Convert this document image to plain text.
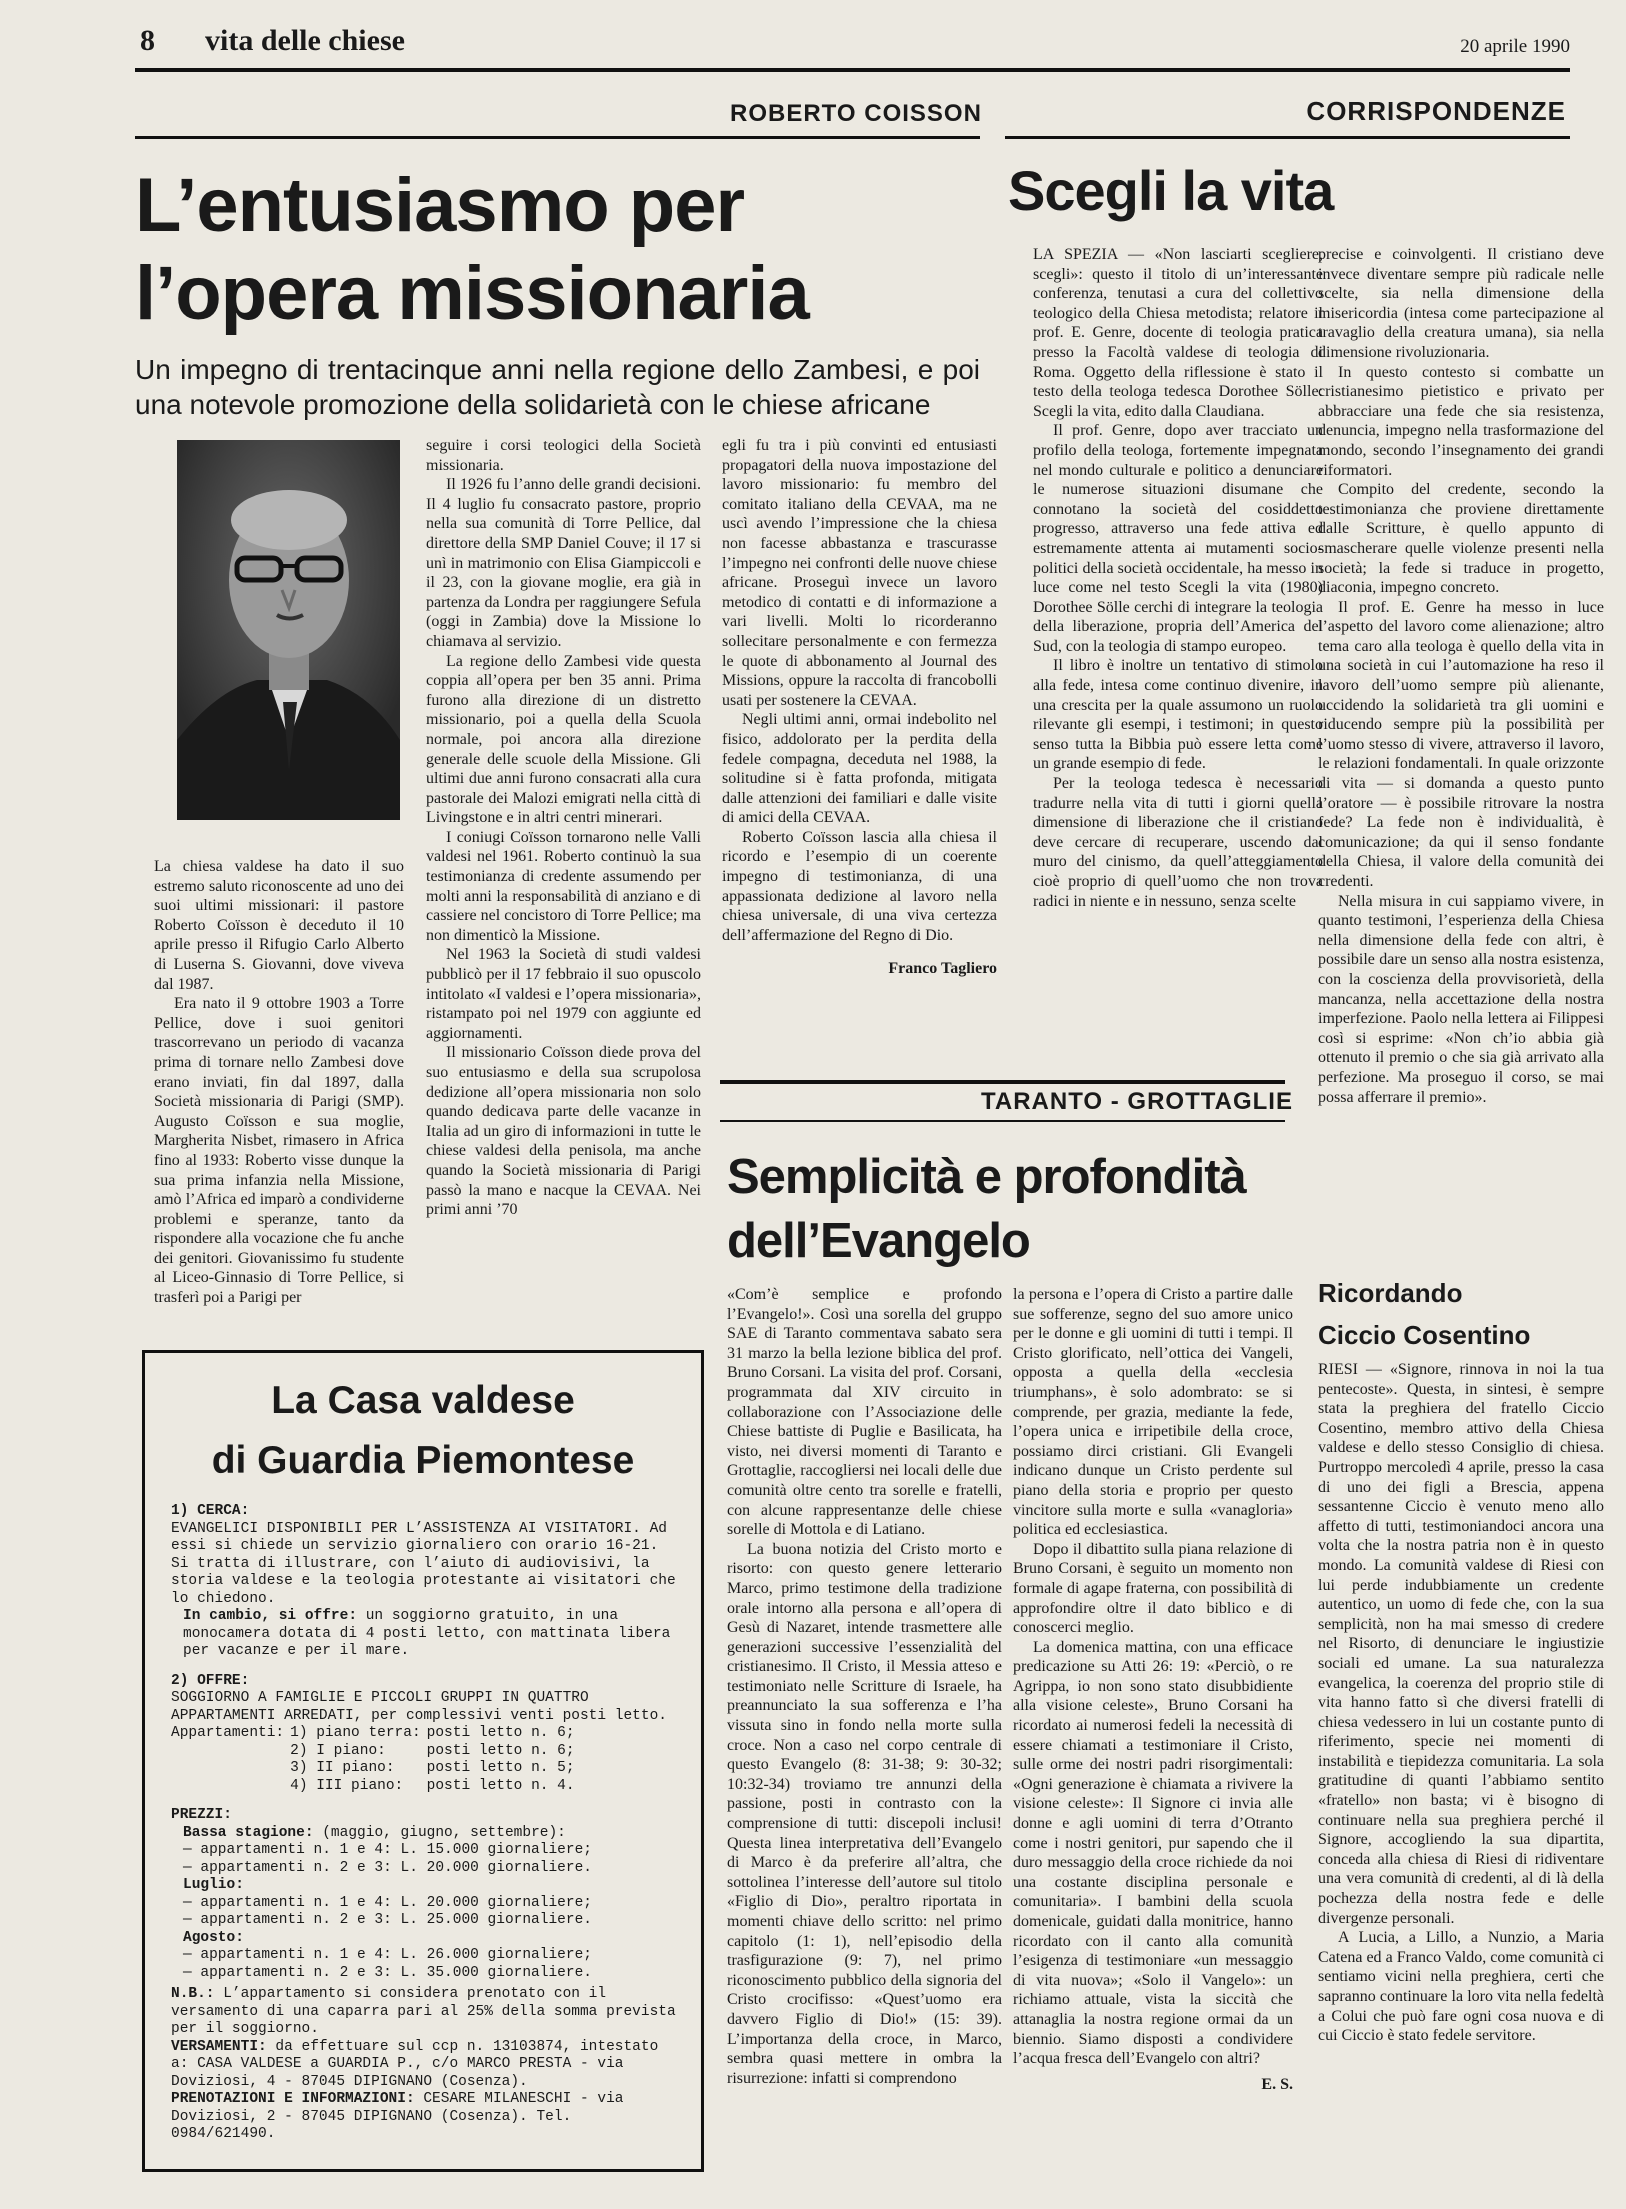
8 vita delle chiese	20 aprile 1990
ROBERTO COISSON	CORRISPONDENZE
L’entusiasmo per
l’opera missionaria
Un impegno di trentacinque anni nella regione dello Zambesi, e poi una notevole promozione della solidarietà con le chiese africane

La chiesa valdese ha dato il suo estremo saluto riconoscente ad uno dei suoi ultimi missionari: il pastore Roberto Coïsson è deceduto il 10 aprile presso il Rifugio Carlo Alberto di Luserna S. Giovanni, dove viveva dal 1987.

Era nato il 9 ottobre 1903 a Torre Pellice, dove i suoi genitori trascorrevano un periodo di vacanza prima di tornare nello Zambesi dove erano inviati, fin dal 1897, dalla Società missionaria di Parigi (SMP). Augusto Coïsson e sua moglie, Margherita Nisbet, rimasero in Africa fino al 1933: Roberto visse dunque la sua prima infanzia nella Missione, amò l’Africa ed imparò a condividerne problemi e speranze, tanto da rispondere alla vocazione che fu anche dei genitori. Giovanissimo fu studente al Liceo-Ginnasio di Torre Pellice, si trasferì poi a Parigi per

seguire i corsi teologici della Società missionaria.

Il 1926 fu l’anno delle grandi decisioni. Il 4 luglio fu consacrato pastore, proprio nella sua comunità di Torre Pellice, dal direttore della SMP Daniel Couve; il 17 si unì in matrimonio con Elisa Giampiccoli e il 23, con la giovane moglie, era già in partenza da Londra per raggiungere Sefula (oggi in Zambia) dove la Missione lo chiamava al servizio.

La regione dello Zambesi vide questa coppia all’opera per ben 35 anni. Prima furono alla direzione di un distretto missionario, poi a quella della Scuola normale, poi ancora alla direzione generale delle scuole della Missione. Gli ultimi due anni furono consacrati alla cura pastorale dei Malozi emigrati nella città di Livingstone e in altri centri minerari.

I coniugi Coïsson tornarono nelle Valli valdesi nel 1961. Roberto continuò la sua testimonianza di credente assumendo per molti anni la responsabilità di anziano e di cassiere nel concistoro di Torre Pellice; ma non dimenticò la Missione.

Nel 1963 la Società di studi valdesi pubblicò per il 17 febbraio il suo opuscolo intitolato «I valdesi e l’opera missionaria», ristampato poi nel 1979 con aggiunte ed aggiornamenti.

Il missionario Coïsson diede prova del suo entusiasmo e della sua scrupolosa dedizione all’opera missionaria non solo quando dedicava parte delle vacanze in Italia ad un giro di informazioni in tutte le chiese valdesi della penisola, ma anche quando la Società missionaria di Parigi passò la mano e nacque la CEVAA. Nei primi anni ’70

egli fu tra i più convinti ed entusiasti propagatori della nuova impostazione del lavoro missionario: fu membro del comitato italiano della CEVAA, ma ne uscì avendo l’impressione che la chiesa non facesse abbastanza e trascurasse l’impegno nei confronti delle nuove chiese africane. Proseguì invece un lavoro metodico di contatti e di informazione a vari livelli. Molti lo ricorderanno sollecitare personalmente e con fermezza le quote di abbonamento al Journal des Missions, oppure la raccolta di francobolli usati per sostenere la CEVAA.

Negli ultimi anni, ormai indebolito nel fisico, addolorato per la perdita della fedele compagna, deceduta nel 1988, la solitudine si è fatta profonda, mitigata dalle attenzioni dei familiari e dalle visite di amici della CEVAA.

Roberto Coïsson lascia alla chiesa il ricordo e l’esempio di un coerente impegno di testimonianza, di una appassionata dedizione al lavoro nella chiesa universale, di una viva certezza dell’affermazione del Regno di Dio.

Franco Tagliero

Scegli la vita

LA SPEZIA — «Non lasciarti scegliere, scegli»: questo il titolo di un’interessante conferenza, tenutasi a cura del collettivo teologico della Chiesa metodista; relatore il prof. E. Genre, docente di teologia pratica presso la Facoltà valdese di teologia di Roma. Oggetto della riflessione è stato il testo della teologa tedesca Dorothee Sölle: Scegli la vita, edito dalla Claudiana.

Il prof. Genre, dopo aver tracciato un profilo della teologa, fortemente impegnata nel mondo culturale e politico a denunciare le numerose situazioni disumane che connotano la società del cosiddetto progresso, attraverso una fede attiva ed estremamente attenta ai mutamenti socio-politici della società occidentale, ha messo in luce come nel testo Scegli la vita (1980) Dorothee Sölle cerchi di integrare la teologia della liberazione, propria dell’America del Sud, con la teologia di stampo europeo.

Il libro è inoltre un tentativo di stimolo alla fede, intesa come continuo divenire, in una crescita per la quale assumono un ruolo rilevante gli esempi, i testimoni; in questo senso tutta la Bibbia può essere letta come un grande esempio di fede.

Per la teologa tedesca è necessario tradurre nella vita di tutti i giorni quella dimensione di liberazione che il cristiano deve cercare di recuperare, uscendo dal muro del cinismo, da quell’atteggiamento cioè proprio di quell’uomo che non trova radici in niente e in nessuno, senza scelte

precise e coinvolgenti. Il cristiano deve invece diventare sempre più radicale nelle scelte, sia nella dimensione della misericordia (intesa come partecipazione al travaglio della creatura umana), sia nella dimensione rivoluzionaria.

In questo contesto si combatte un cristianesimo pietistico e privato per abbracciare una fede che sia resistenza, denuncia, impegno nella trasformazione del mondo, secondo l’insegnamento dei grandi riformatori.

Compito del credente, secondo la testimonianza che proviene direttamente dalle Scritture, è quello appunto di smascherare quelle violenze presenti nella società; la fede si traduce in progetto, diaconia, impegno concreto.

Il prof. E. Genre ha messo in luce l’aspetto del lavoro come alienazione; altro tema caro alla teologa è quello della vita in una società in cui l’automazione ha reso il lavoro dell’uomo sempre più alienante, uccidendo la solidarietà tra gli uomini e riducendo sempre più la possibilità per l’uomo stesso di vivere, attraverso il lavoro, le relazioni fondamentali. In quale orizzonte di vita — si domanda a questo punto l’oratore — è possibile ritrovare la nostra fede? La fede non è individualità, è comunicazione; da qui il senso fondante della Chiesa, il valore della comunità dei credenti.

Nella misura in cui sappiamo vivere, in quanto testimoni, l’esperienza della Chiesa nella dimensione della fede con altri, è possibile dare un senso alla nostra esistenza, con la coscienza della provvisorietà, della mancanza, nella accettazione della nostra imperfezione. Paolo nella lettera ai Filippesi così si esprime: «Non ch’io abbia già ottenuto il premio o che sia già arrivato alla perfezione. Ma proseguo il corso, se mai possa afferrare il premio».

TARANTO - GROTTAGLIE
Semplicità e profondità
dell’Evangelo

«Com’è semplice e profondo l’Evangelo!». Così una sorella del gruppo SAE di Taranto commentava sabato sera 31 marzo la bella lezione biblica del prof. Bruno Corsani. La visita del prof. Corsani, programmata dal XIV circuito in collaborazione con l’Associazione delle Chiese battiste di Puglie e Basilicata, ha visto, nei diversi momenti di Taranto e Grottaglie, raccogliersi nei locali delle due comunità oltre cento tra sorelle e fratelli, con alcune rappresentanze delle chiese sorelle di Mottola e di Latiano.

La buona notizia del Cristo morto e risorto: con questo genere letterario Marco, primo testimone della tradizione orale intorno alla persona e all’opera di Gesù di Nazaret, intende trasmettere alle generazioni successive l’essenzialità del cristianesimo. Il Cristo, il Messia atteso e testimoniato nelle Scritture di Israele, ha preannunciato la sua sofferenza e l’ha vissuta sino in fondo nella morte sulla croce. Non a caso nel corpo centrale di questo Evangelo (8: 31-38; 9: 30-32; 10:32-34) troviamo tre annunzi della passione, posti in contrasto con la comprensione di tutti: discepoli inclusi! Questa linea interpretativa dell’Evangelo di Marco è da preferire all’altra, che sottolinea l’interesse dell’autore sul titolo «Figlio di Dio», peraltro riportata in momenti chiave dello scritto: nel primo capitolo (1: 1), nell’episodio della trasfigurazione (9: 7), nel primo riconoscimento pubblico della signoria del Cristo crocifisso: «Quest’uomo era davvero Figlio di Dio!» (15: 39). L’importanza della croce, in Marco, sembra quasi mettere in ombra la risurrezione: infatti si comprendono

la persona e l’opera di Cristo a partire dalle sue sofferenze, segno del suo amore unico per le donne e gli uomini di tutti i tempi. Il Cristo glorificato, nell’ottica dei Vangeli, opposta a quella della «ecclesia triumphans», è solo adombrato: se si comprende, per grazia, mediante la fede, l’opera unica e irripetibile della croce, possiamo dirci cristiani. Gli Evangeli indicano dunque un Cristo perdente sul piano della storia e proprio per questo vincitore sulla morte e sulla «vanagloria» politica ed ecclesiastica.

Dopo il dibattito sulla piana relazione di Bruno Corsani, è seguito un momento non formale di agape fraterna, con possibilità di approfondire oltre il dato biblico e di conoscerci meglio.

La domenica mattina, con una efficace predicazione su Atti 26: 19: «Perciò, o re Agrippa, io non sono stato disubbidiente alla visione celeste», Bruno Corsani ha ricordato ai numerosi fedeli la necessità di essere chiamati a testimoniare il Cristo, sulle orme dei nostri padri risorgimentali: «Ogni generazione è chiamata a rivivere la visione celeste»: Il Signore ci invia alle donne e agli uomini di terra d’Otranto come i nostri genitori, pur sapendo che il duro messaggio della croce richiede da noi una costante disciplina personale e comunitaria». I bambini della scuola domenicale, guidati dalla monitrice, hanno ricordato con il canto alla comunità l’esigenza di testimoniare «un messaggio di vita nuova»; «Solo il Vangelo»: un richiamo attuale, vista la siccità che attanaglia la nostra regione ormai da un biennio. Siamo disposti a condividere l’acqua fresca dell’Evangelo con altri?

E. S.

Ricordando
Ciccio Cosentino

RIESI — «Signore, rinnova in noi la tua pentecoste». Questa, in sintesi, è sempre stata la preghiera del fratello Ciccio Cosentino, membro attivo della Chiesa valdese e dello stesso Consiglio di chiesa. Purtroppo mercoledì 4 aprile, presso la casa di uno dei figli a Brescia, appena sessantenne Ciccio è venuto meno allo affetto di tutti, testimoniandoci ancora una volta che la nostra patria non è in questo mondo. La comunità valdese di Riesi con lui perde indubbiamente un credente autentico, un uomo di fede che, con la sua semplicità, non ha mai smesso di credere nel Risorto, di denunciare le ingiustizie sociali ed umane. La sua naturalezza evangelica, la coerenza del proprio stile di vita hanno fatto sì che diversi fratelli di chiesa vedessero in lui un costante punto di riferimento, specie nei momenti di instabilità e tiepidezza comunitaria. La sola gratitudine di quanti l’abbiamo sentito «fratello» non basta; vi è bisogno di continuare nella sua preghiera perché il Signore, accogliendo la sua dipartita, conceda alla chiesa di Riesi di ridiventare una vera comunità di credenti, al di là della pochezza della nostra fede e delle divergenze personali.

A Lucia, a Lillo, a Nunzio, a Maria Catena ed a Franco Valdo, come comunità ci sentiamo vicini nella preghiera, certi che sapranno continuare la loro vita nella fedeltà a Colui che può fare ogni cosa nuova e di cui Ciccio è stato fedele servitore.

La Casa valdese
di Guardia Piemontese
1) CERCA:
EVANGELICI DISPONIBILI PER L’ASSISTENZA AI VISITATORI. Ad essi si chiede un servizio giornaliero con orario 16-21. Si tratta di illustrare, con l’aiuto di audiovisivi, la storia valdese e la teologia protestante ai visitatori che lo chiedono.
In cambio, si offre: un soggiorno gratuito, in una monocamera dotata di 4 posti letto, con mattinata libera per vacanze e per il mare.
2) OFFRE:
SOGGIORNO A FAMIGLIE E PICCOLI GRUPPI IN QUATTRO APPARTAMENTI ARREDATI, per complessivi venti posti letto.
Appartamenti:	1) piano terra:	posti letto n. 6;
	2) I piano:	posti letto n. 6;
	3) II piano:	posti letto n. 5;
	4) III piano:	posti letto n. 4.
PREZZI:
Bassa stagione: (maggio, giugno, settembre):
— appartamenti n. 1 e 4: L. 15.000 giornaliere;
— appartamenti n. 2 e 3: L. 20.000 giornaliere.
Luglio:
— appartamenti n. 1 e 4: L. 20.000 giornaliere;
— appartamenti n. 2 e 3: L. 25.000 giornaliere.
Agosto:
— appartamenti n. 1 e 4: L. 26.000 giornaliere;
— appartamenti n. 2 e 3: L. 35.000 giornaliere.
N.B.: L’appartamento si considera prenotato con il versamento di una caparra pari al 25% della somma prevista per il soggiorno.
VERSAMENTI: da effettuare sul ccp n. 13103874, intestato a: CASA VALDESE a GUARDIA P., c/o MARCO PRESTA - via Doviziosi, 4 - 87045 DIPIGNANO (Cosenza).
PRENOTAZIONI E INFORMAZIONI: CESARE MILANESCHI - via Doviziosi, 2 - 87045 DIPIGNANO (Cosenza). Tel. 0984/621490.
